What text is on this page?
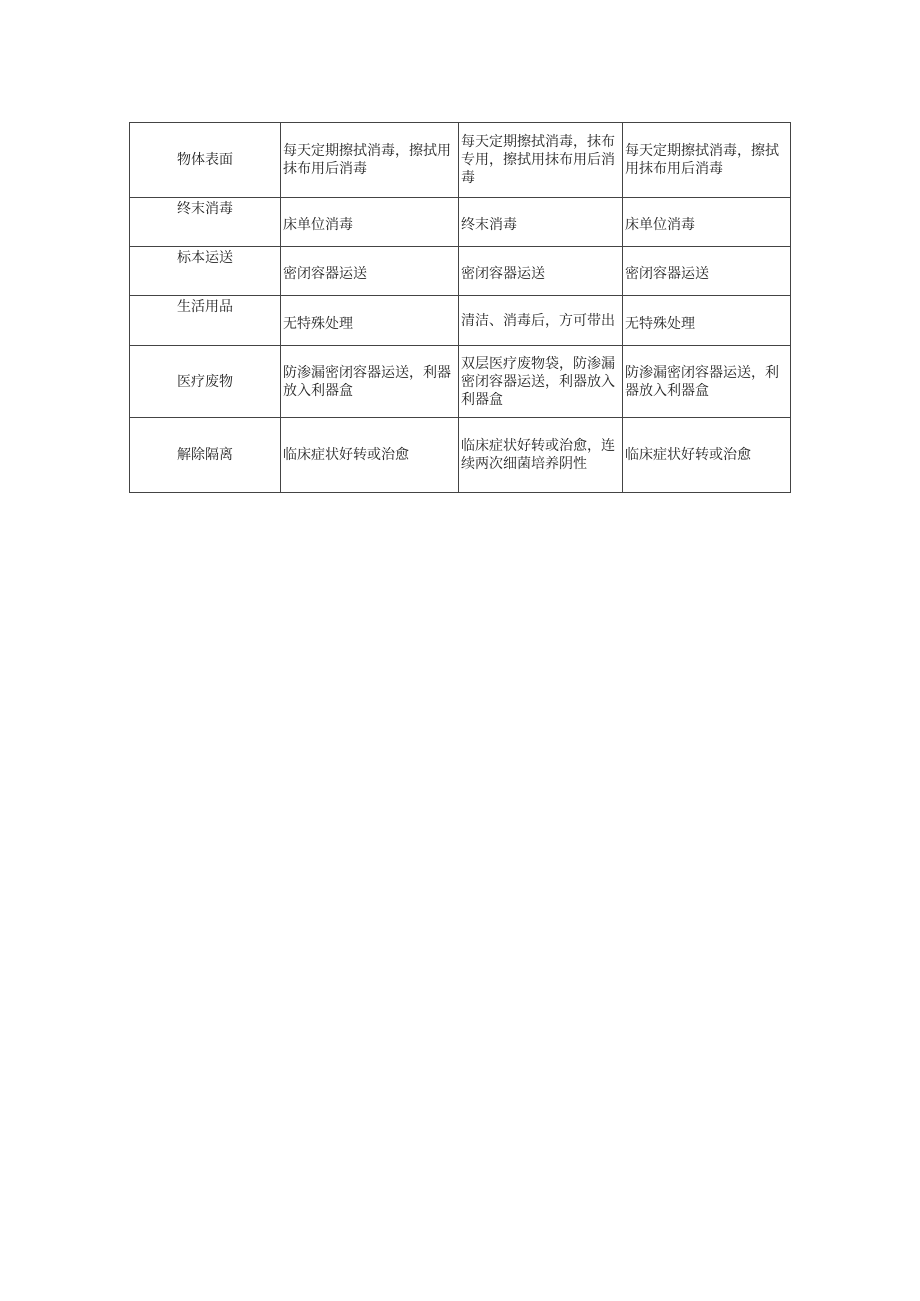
物体表面	每天定期擦拭消毒，擦拭用抹布用后消毒	每天定期擦拭消毒，抹布专用，擦拭用抹布用后消毒	每天定期擦拭消毒，擦拭用抹布用后消毒
终末消毒	床单位消毒	终末消毒	床单位消毒
标本运送	密闭容器运送	密闭容器运送	密闭容器运送
生活用品	无特殊处理	清洁、消毒后，方可带出	无特殊处理
医疗废物	防渗漏密闭容器运送，利器放入利器盒	双层医疗废物袋，防渗漏密闭容器运送，利器放入利器盒	防渗漏密闭容器运送，利器放入利器盒
解除隔离	临床症状好转或治愈	临床症状好转或治愈，连续两次细菌培养阴性	临床症状好转或治愈
